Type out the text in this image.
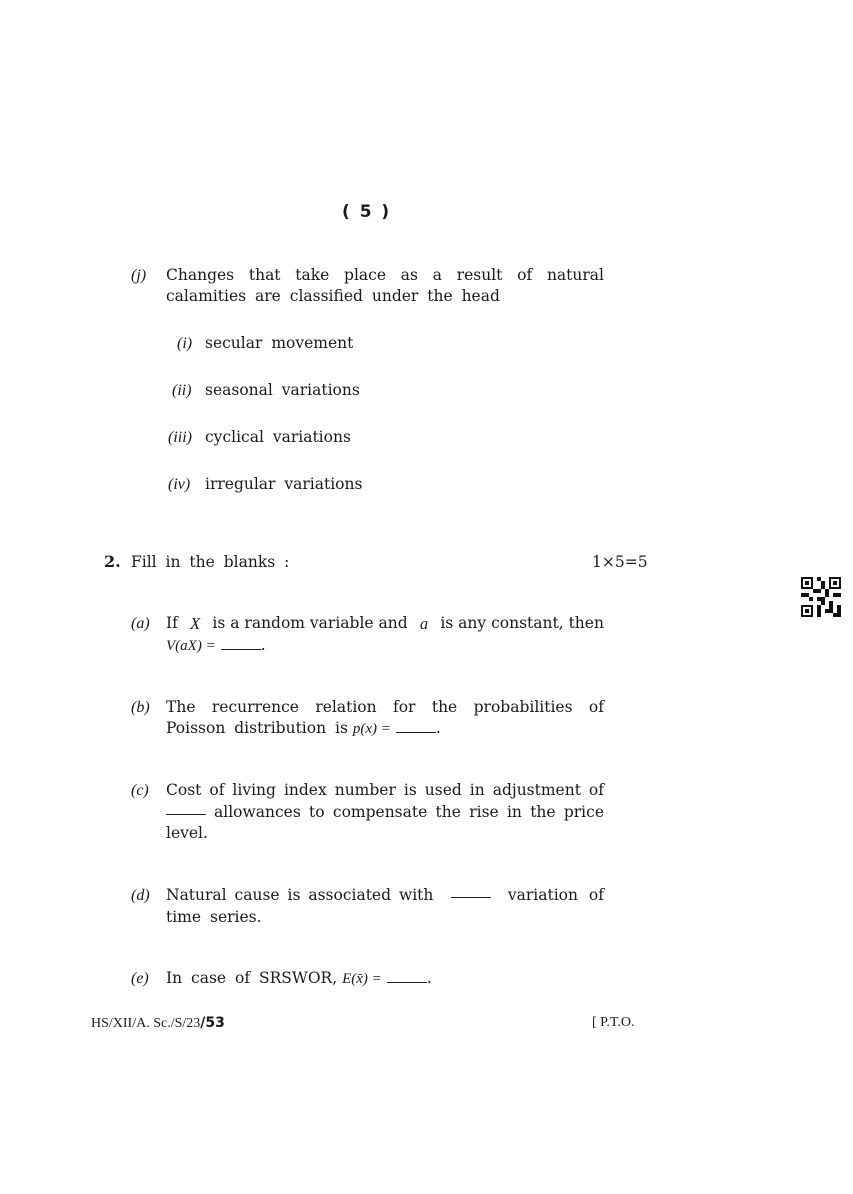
( 5 )
(j) Changes that take place as a result of natural
calamities are classified under the head
(i) secular movement
(ii) seasonal variations
(iii) cyclical variations
(iv) irregular variations
2. Fill in the blanks :	1×5=5
(a) If X is a random variable and a is any constant, then
V(aX) =	.
(b) The recurrence relation for the probabilities of
Poisson distribution is p(x) =	.
(c) Cost of living index number is used in adjustment of
allowances to compensate the rise in the price
level.
(d) Natural cause is associated with	variation of
time series.
(e) In case of SRSWOR, E(x̄) =	.
HS/XII/A. Sc./S/23/53	[ P.T.O.
